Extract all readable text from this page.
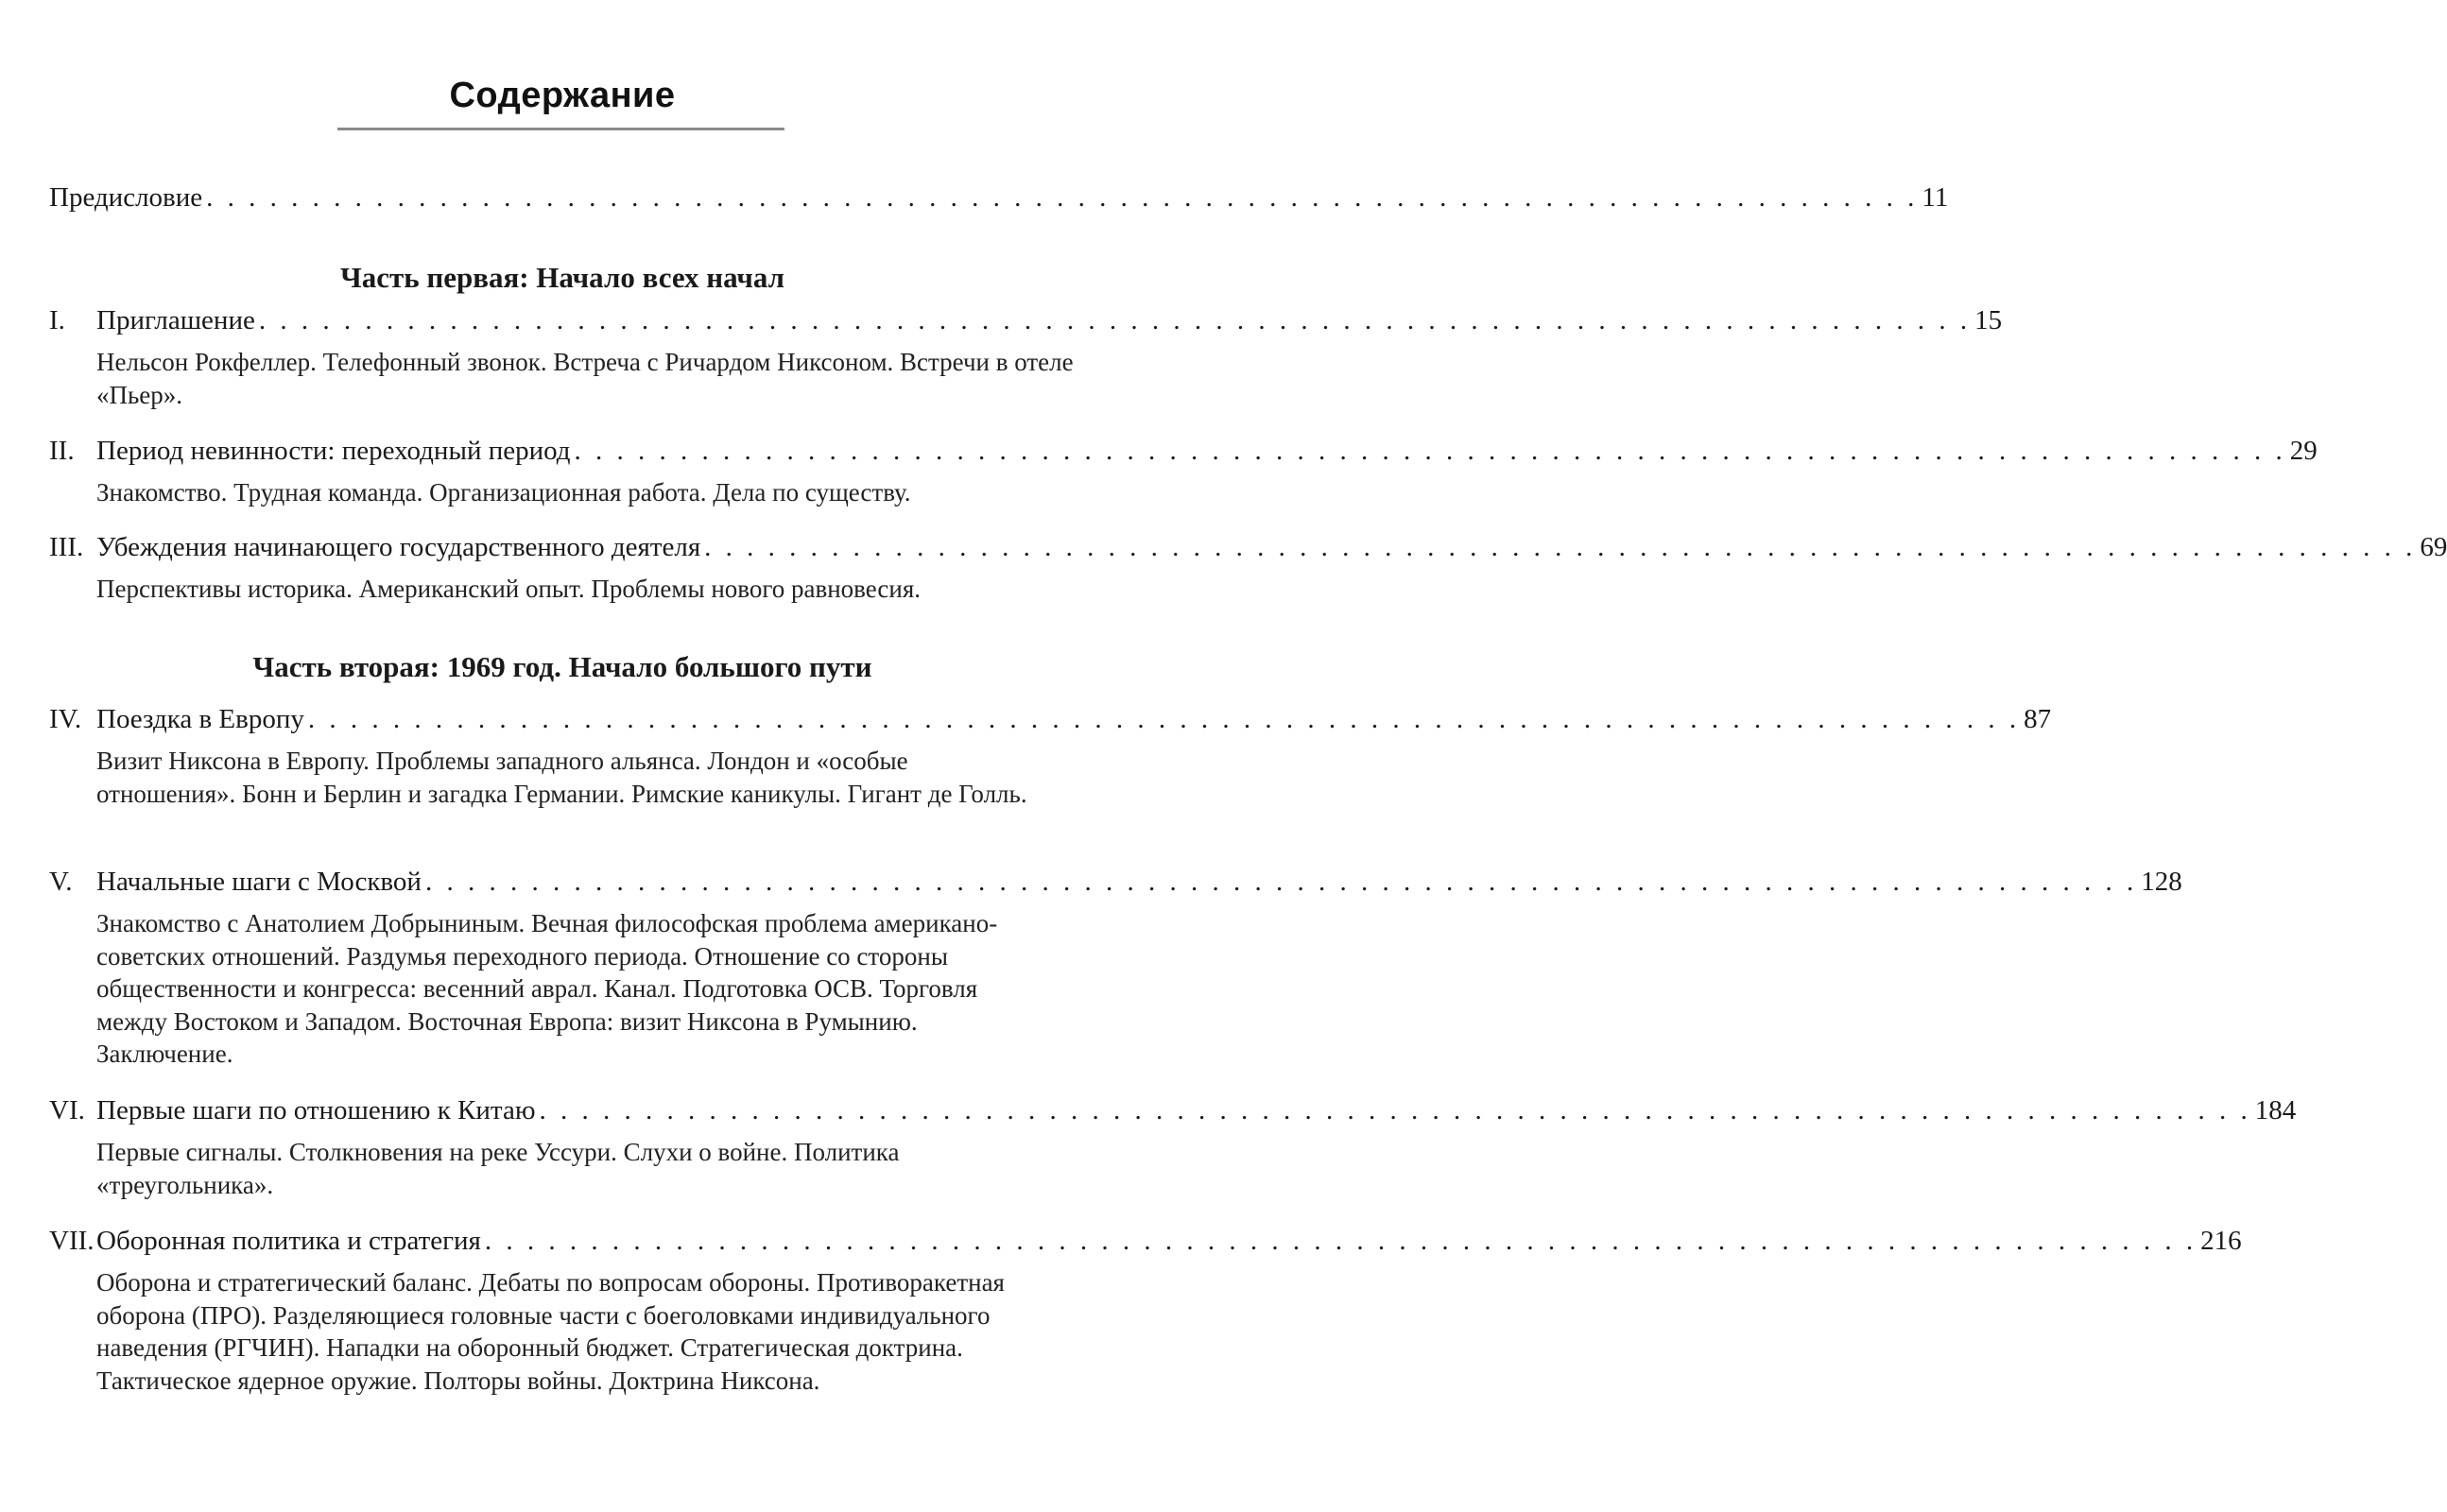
Содержание
Предисловие . . . . . . . . . . . . . . . . . . . . . . . . . . . . . . . . . . . . . . . . . . . . . . . . . . . . . . . . . . . . . . . . . . . . . . . . . . . . . . . . . 11
Часть первая: Начало всех начал
I. Приглашение . . . . . . . . . . . . . . . . . . . . . . . . . . . . . . . . . . . . . . . . . . . . . . . . . . . . . . . . . . . . . . . . . . . . . . . . . . . . . . . . . 15
Нельсон Рокфеллер. Телефонный звонок. Встреча с Ричардом Никсоном. Встречи в отеле «Пьер».
II. Период невинности: переходный период . . . . . . . . . . . . . . . . . . . . . . . . . . . . . . . . . . . . . . . . . . . . . . . . . . . . . . . . . . . . . . . . . . . . . . . . . . . . . . . . . 29
Знакомство. Трудная команда. Организационная работа. Дела по существу.
III. Убеждения начинающего государственного деятеля . . . . . . . . . . . . . . . . . . . . . . . . . . . . . . . . . . . . . . . . . . . . . . . . . . . . . . . . . . . . . . . . . . . . . . . . . . . . . . . . . 69
Перспективы историка. Американский опыт. Проблемы нового равновесия.
Часть вторая: 1969 год. Начало большого пути
IV. Поездка в Европу . . . . . . . . . . . . . . . . . . . . . . . . . . . . . . . . . . . . . . . . . . . . . . . . . . . . . . . . . . . . . . . . . . . . . . . . . . . . . . . . . 87
Визит Никсона в Европу. Проблемы западного альянса. Лондон и «особые отношения». Бонн и Берлин и загадка Германии. Римские каникулы. Гигант де Голль.
V. Начальные шаги с Москвой . . . . . . . . . . . . . . . . . . . . . . . . . . . . . . . . . . . . . . . . . . . . . . . . . . . . . . . . . . . . . . . . . . . . . . . . . . . . . . . . . 128
Знакомство с Анатолием Добрыниным. Вечная философская проблема американо-советских отношений. Раздумья переходного периода. Отношение со стороны общественности и конгресса: весенний аврал. Канал. Подготовка ОСВ. Торговля между Востоком и Западом. Восточная Европа: визит Никсона в Румынию. Заключение.
VI. Первые шаги по отношению к Китаю . . . . . . . . . . . . . . . . . . . . . . . . . . . . . . . . . . . . . . . . . . . . . . . . . . . . . . . . . . . . . . . . . . . . . . . . . . . . . . . . . 184
Первые сигналы. Столкновения на реке Уссури. Слухи о войне. Политика «треугольника».
VII. Оборонная политика и стратегия . . . . . . . . . . . . . . . . . . . . . . . . . . . . . . . . . . . . . . . . . . . . . . . . . . . . . . . . . . . . . . . . . . . . . . . . . . . . . . . . . 216
Оборона и стратегический баланс. Дебаты по вопросам обороны. Противоракетная оборона (ПРО). Разделяющиеся головные части с боеголовками индивидуального наведения (РГЧИН). Нападки на оборонный бюджет. Стратегическая доктрина. Тактическое ядерное оружие. Полторы войны. Доктрина Никсона.
